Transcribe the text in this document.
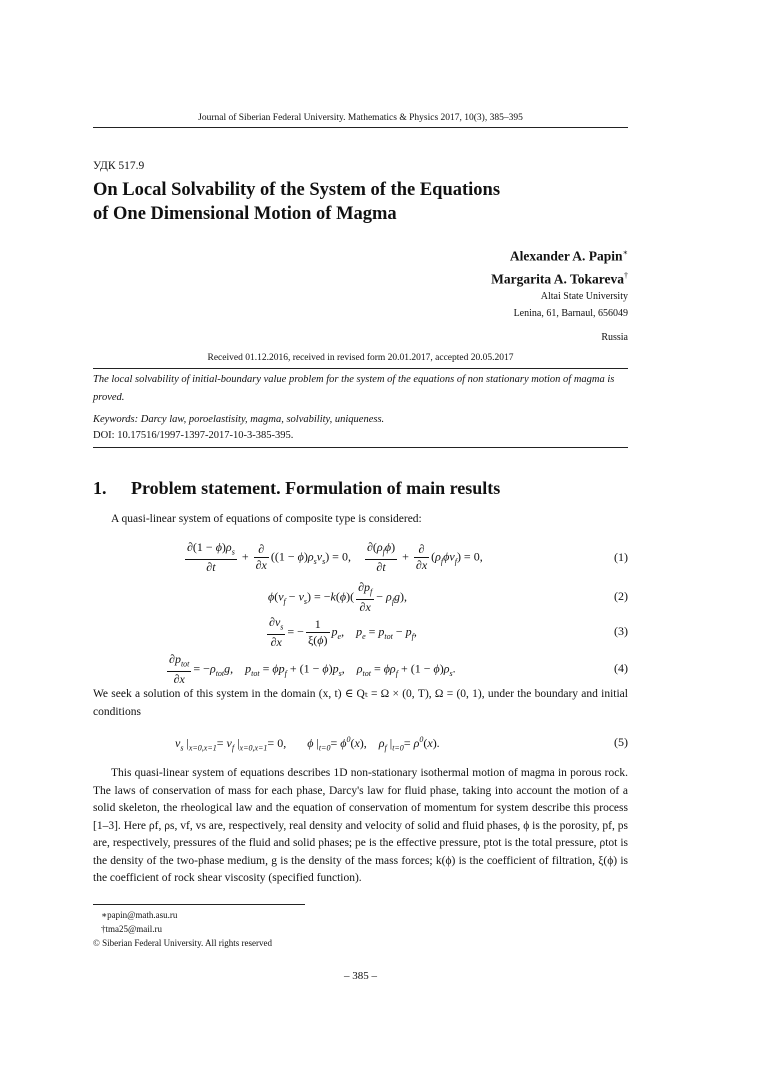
Journal of Siberian Federal University. Mathematics & Physics 2017, 10(3), 385–395
УДК 517.9
On Local Solvability of the System of the Equations
of One Dimensional Motion of Magma
Alexander A. Papin∗
Margarita A. Tokareva†
Altai State University
Lenina, 61, Barnaul, 656049
Russia
Received 01.12.2016, received in revised form 20.01.2017, accepted 20.05.2017
The local solvability of initial-boundary value problem for the system of the equations of non stationary motion of magma is proved.
Keywords: Darcy law, poroelastisity, magma, solvability, uniqueness.
DOI: 10.17516/1997-1397-2017-10-3-385-395.
1. Problem statement. Formulation of main results
A quasi-linear system of equations of composite type is considered:
$\frac{\partial(1 - \phi)\rho_s}{\partial t} + \frac{\partial}{\partial x} ((1 - \phi)\rho_sv_s) = 0$, $\frac{\partial(\rho_f\phi)}{\partial t} + \frac{\partial}{\partial x} (\rho_f\phi v_f) = 0$,	(1)
$\phi(v_f - v_s) = -k(\phi)( \frac{\partial p_f}{\partial x} - \rho_fg)$,	(2)
$\frac{\partial v_s}{\partial x}$ = − $\frac{1}{\xi(\phi)} p_e$,    $p_e = p_{tot} - p_f$,	(3)
$\frac{\partial p_{tot}}{\partial x} = -\rho_{tot}g$,    $p_{tot} = \phi p_f + (1 - \phi)p_s$,    $\rho_{tot} = \phi\rho_f + (1 - \phi)\rho_s$.	(4)
We seek a solution of this system in the domain (x, t) ∈ Qₜ = Ω × (0, T), Ω = (0, 1), under the boundary and initial conditions
$v_s$ $|_{x=0,x=1}= v_f$ $|_{x=0,x=1}= 0$,       ϕ $|_{t=0}= \phi^0(x)$,    $\rho_f$ $|_{t=0}= \rho^0(x)$.	(5)
This quasi-linear system of equations describes 1D non-stationary isothermal motion of magma in porous rock. The laws of conservation of mass for each phase, Darcy's law for fluid phase, taking into account the motion of a solid skeleton, the rheological law and the equation of conservation of momentum for system describe this process [1–3]. Here ρf, ρs, vf, vs are, respectively, real density and velocity of solid and fluid phases, ϕ is the porosity, pf, ps are, respectively, pressures of the fluid and solid phases; pe is the effective pressure, ptot is the total pressure, ρtot is the density of the two-phase medium, g is the density of the mass forces; k(ϕ) is the coefficient of filtration, ξ(ϕ) is the coefficient of rock shear viscosity (specified function).
∗papin@math.asu.ru
†tma25@mail.ru
© Siberian Federal University. All rights reserved
– 385 –
